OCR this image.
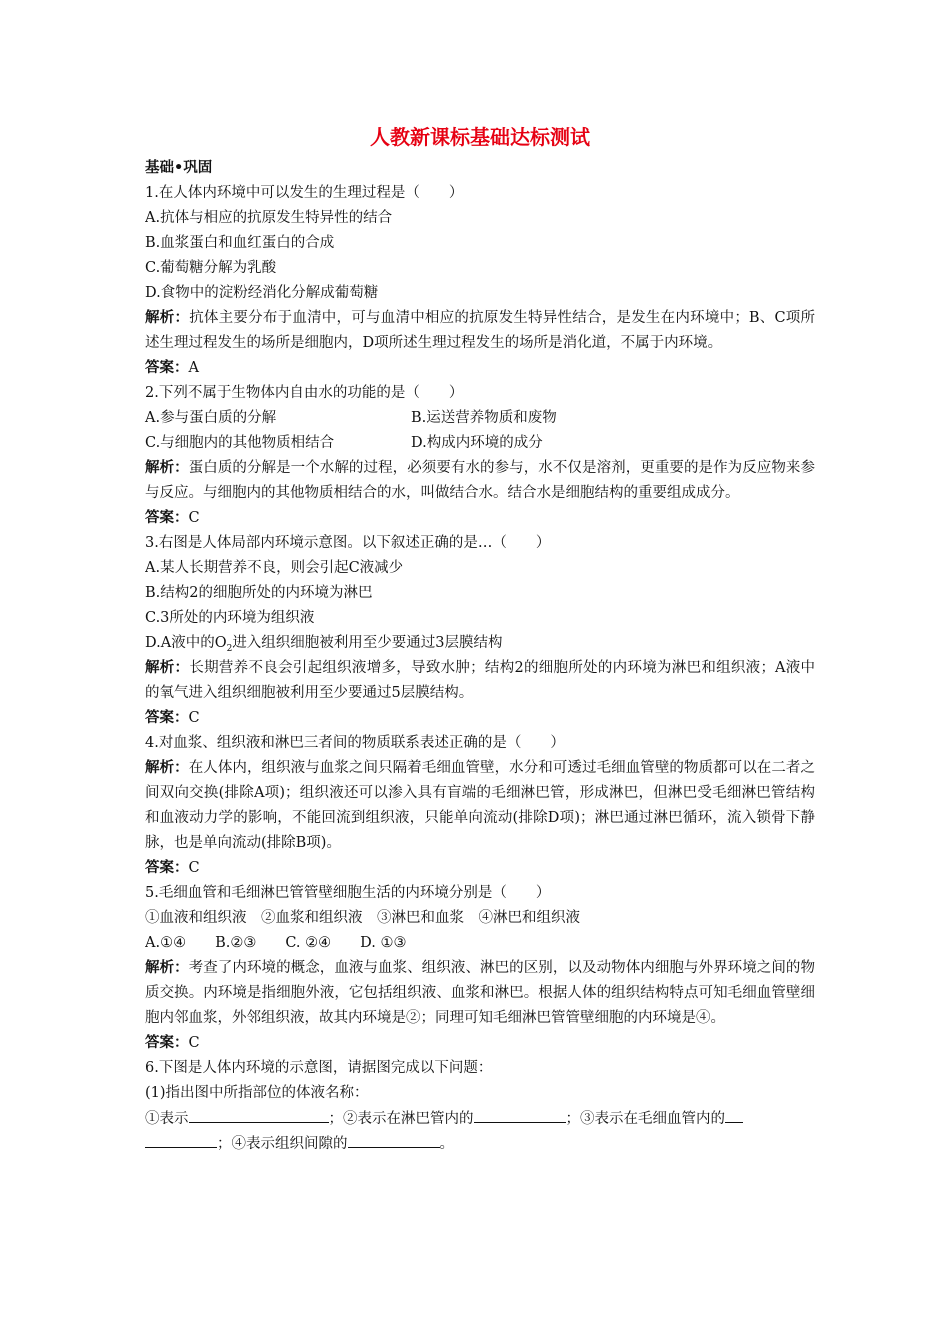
人教新课标基础达标测试
基础•巩固
1.在人体内环境中可以发生的生理过程是（　　）
A.抗体与相应的抗原发生特异性的结合
B.血浆蛋白和血红蛋白的合成
C.葡萄糖分解为乳酸
D.食物中的淀粉经消化分解成葡萄糖
解析：抗体主要分布于血清中，可与血清中相应的抗原发生特异性结合，是发生在内环境中；B、C项所述生理过程发生的场所是细胞内，D项所述生理过程发生的场所是消化道，不属于内环境。
答案：A
2.下列不属于生物体内自由水的功能的是（　　）
A.参与蛋白质的分解	B.运送营养物质和废物
C.与细胞内的其他物质相结合	D.构成内环境的成分
解析：蛋白质的分解是一个水解的过程，必须要有水的参与，水不仅是溶剂，更重要的是作为反应物来参与反应。与细胞内的其他物质相结合的水，叫做结合水。结合水是细胞结构的重要组成成分。
答案：C
3.右图是人体局部内环境示意图。以下叙述正确的是…（　　）
A.某人长期营养不良，则会引起C液减少
B.结构2的细胞所处的内环境为淋巴
C.3所处的内环境为组织液
D.A液中的$O_2$进入组织细胞被利用至少要通过3层膜结构
解析：长期营养不良会引起组织液增多，导致水肿；结构2的细胞所处的内环境为淋巴和组织液；A液中的氧气进入组织细胞被利用至少要通过5层膜结构。
答案：C
4.对血浆、组织液和淋巴三者间的物质联系表述正确的是（　　）
解析：在人体内，组织液与血浆之间只隔着毛细血管壁，水分和可透过毛细血管壁的物质都可以在二者之间双向交换(排除A项)；组织液还可以渗入具有盲端的毛细淋巴管，形成淋巴，但淋巴受毛细淋巴管结构和血液动力学的影响，不能回流到组织液，只能单向流动(排除D项)；淋巴通过淋巴循环，流入锁骨下静脉，也是单向流动(排除B项)。
答案：C
5.毛细血管和毛细淋巴管管壁细胞生活的内环境分别是（　　）
①血液和组织液　②血浆和组织液　③淋巴和血浆　④淋巴和组织液
A.①④　　B.②③　　C. ②④　　D. ①③
解析：考查了内环境的概念，血液与血浆、组织液、淋巴的区别，以及动物体内细胞与外界环境之间的物质交换。内环境是指细胞外液，它包括组织液、血浆和淋巴。根据人体的组织结构特点可知毛细血管壁细胞内邻血浆，外邻组织液，故其内环境是②；同理可知毛细淋巴管管壁细胞的内环境是④。
答案：C
6.下图是人体内环境的示意图，请据图完成以下问题：
(1)指出图中所指部位的体液名称：
①表示	；②表示在淋巴管内的	；③表示在毛细血管内的
；④表示组织间隙的	。
